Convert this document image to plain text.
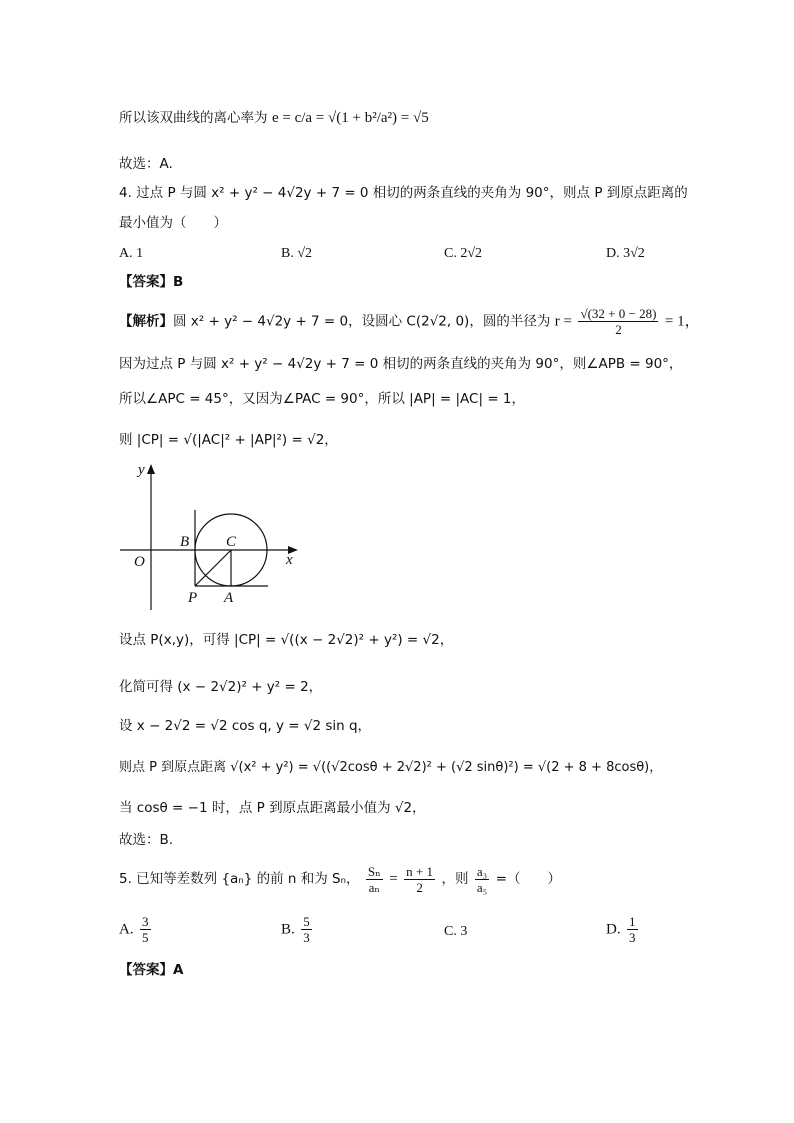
所以该双曲线的离心率为 e = c/a = √(1 + b²/a²) = √5
故选：A.
4. 过点 P 与圆 x² + y² − 4√2y + 7 = 0 相切的两条直线的夹角为 90°，则点 P 到原点距离的
最小值为（　　）
A. 1	B. √2	C. 2√2	D. 3√2
【答案】B
【解析】圆 x² + y² − 4√2y + 7 = 0，设圆心 C(2√2, 0)，圆的半径为 $r = \frac{√(32 + 0 - 28)}{2} = 1$，
因为过点 P 与圆 x² + y² − 4√2y + 7 = 0 相切的两条直线的夹角为 90°，则∠APB = 90°，
所以∠APC = 45°，又因为∠PAC = 90°，所以 |AP| = |AC| = 1，
则 |CP| = √(|AC|² + |AP|²) = √2，
y
x
O
B C
P A
设点 P(x,y)，可得 |CP| = √((x − 2√2)² + y²) = √2，
化简可得 (x − 2√2)² + y² = 2，
设 x − 2√2 = √2 cos q, y = √2 sin q，
则点 P 到原点距离 √(x² + y²) = √((√2cosθ + 2√2)² + (√2 sinθ)²) = √(2 + 8 + 8cosθ)，
当 cosθ = −1 时，点 P 到原点距离最小值为 √2，
故选：B.
5. 已知等差数列 {aₙ} 的前 n 和为 Sₙ， $\frac{\text{Sₙ}}{\text{aₙ}} = \frac{n + 1}{2}$ ，则 $\frac{\text{a₃}}{\text{a₅}}$ =（　　）
A. $\frac{3}{5}$	B. $\frac{5}{3}$	C. 3	D. $\frac{1}{3}$
【答案】A
